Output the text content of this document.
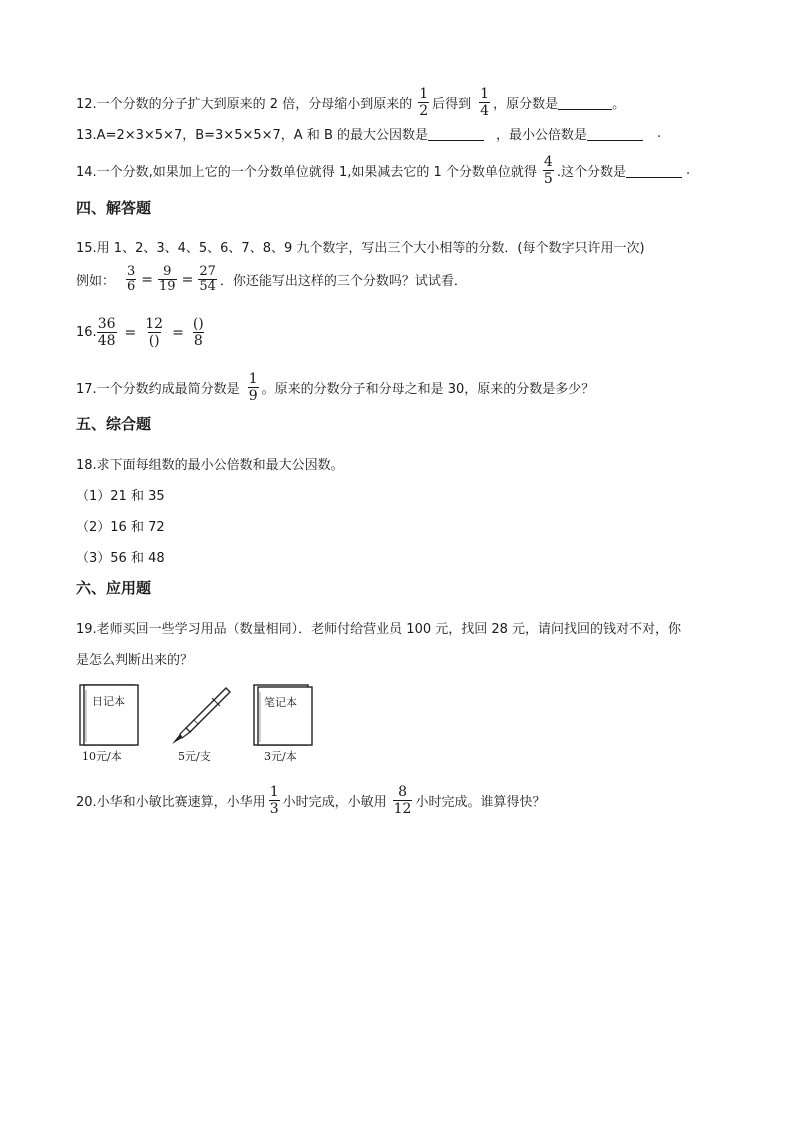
12.一个分数的分子扩大到原来的 2 倍，分母缩小到原来的 $\frac{1}{2}$ 后得到 $\frac{1}{4}$ ，原分数是	。
13.A=2×3×5×7，B=3×5×5×7，A 和 B 的最大公因数是	，最小公倍数是	.
14.一个分数,如果加上它的一个分数单位就得 1,如果减去它的 1 个分数单位就得 $\frac{4}{5}$ .这个分数是	.
四、解答题
15.用 1、2、3、4、5、6、7、8、9 九个数字，写出三个大小相等的分数．(每个数字只许用一次)
例如： $\frac{3}{6} = \frac{9}{19} = \frac{27}{54}$ ．你还能写出这样的三个分数吗？试试看．
16. $\frac{36}{48} = \frac{12}{()} = \frac{()}{8}$
17.一个分数约成最简分数是 $\frac{1}{9}$ 。原来的分数分子和分母之和是 30，原来的分数是多少？
五、综合题
18.求下面每组数的最小公倍数和最大公因数。
（1）21 和 35
（2）16 和 72
（3）56 和 48
六、应用题
19.老师买回一些学习用品（数量相同）．老师付给营业员 100 元，找回 28 元，请问找回的钱对不对，你
是怎么判断出来的？
日记本
10元/本	5元/支
笔记本
3元/本
20.小华和小敏比赛速算，小华用 $\frac{1}{3}$ 小时完成，小敏用 $\frac{8}{12}$ 小时完成。谁算得快？
